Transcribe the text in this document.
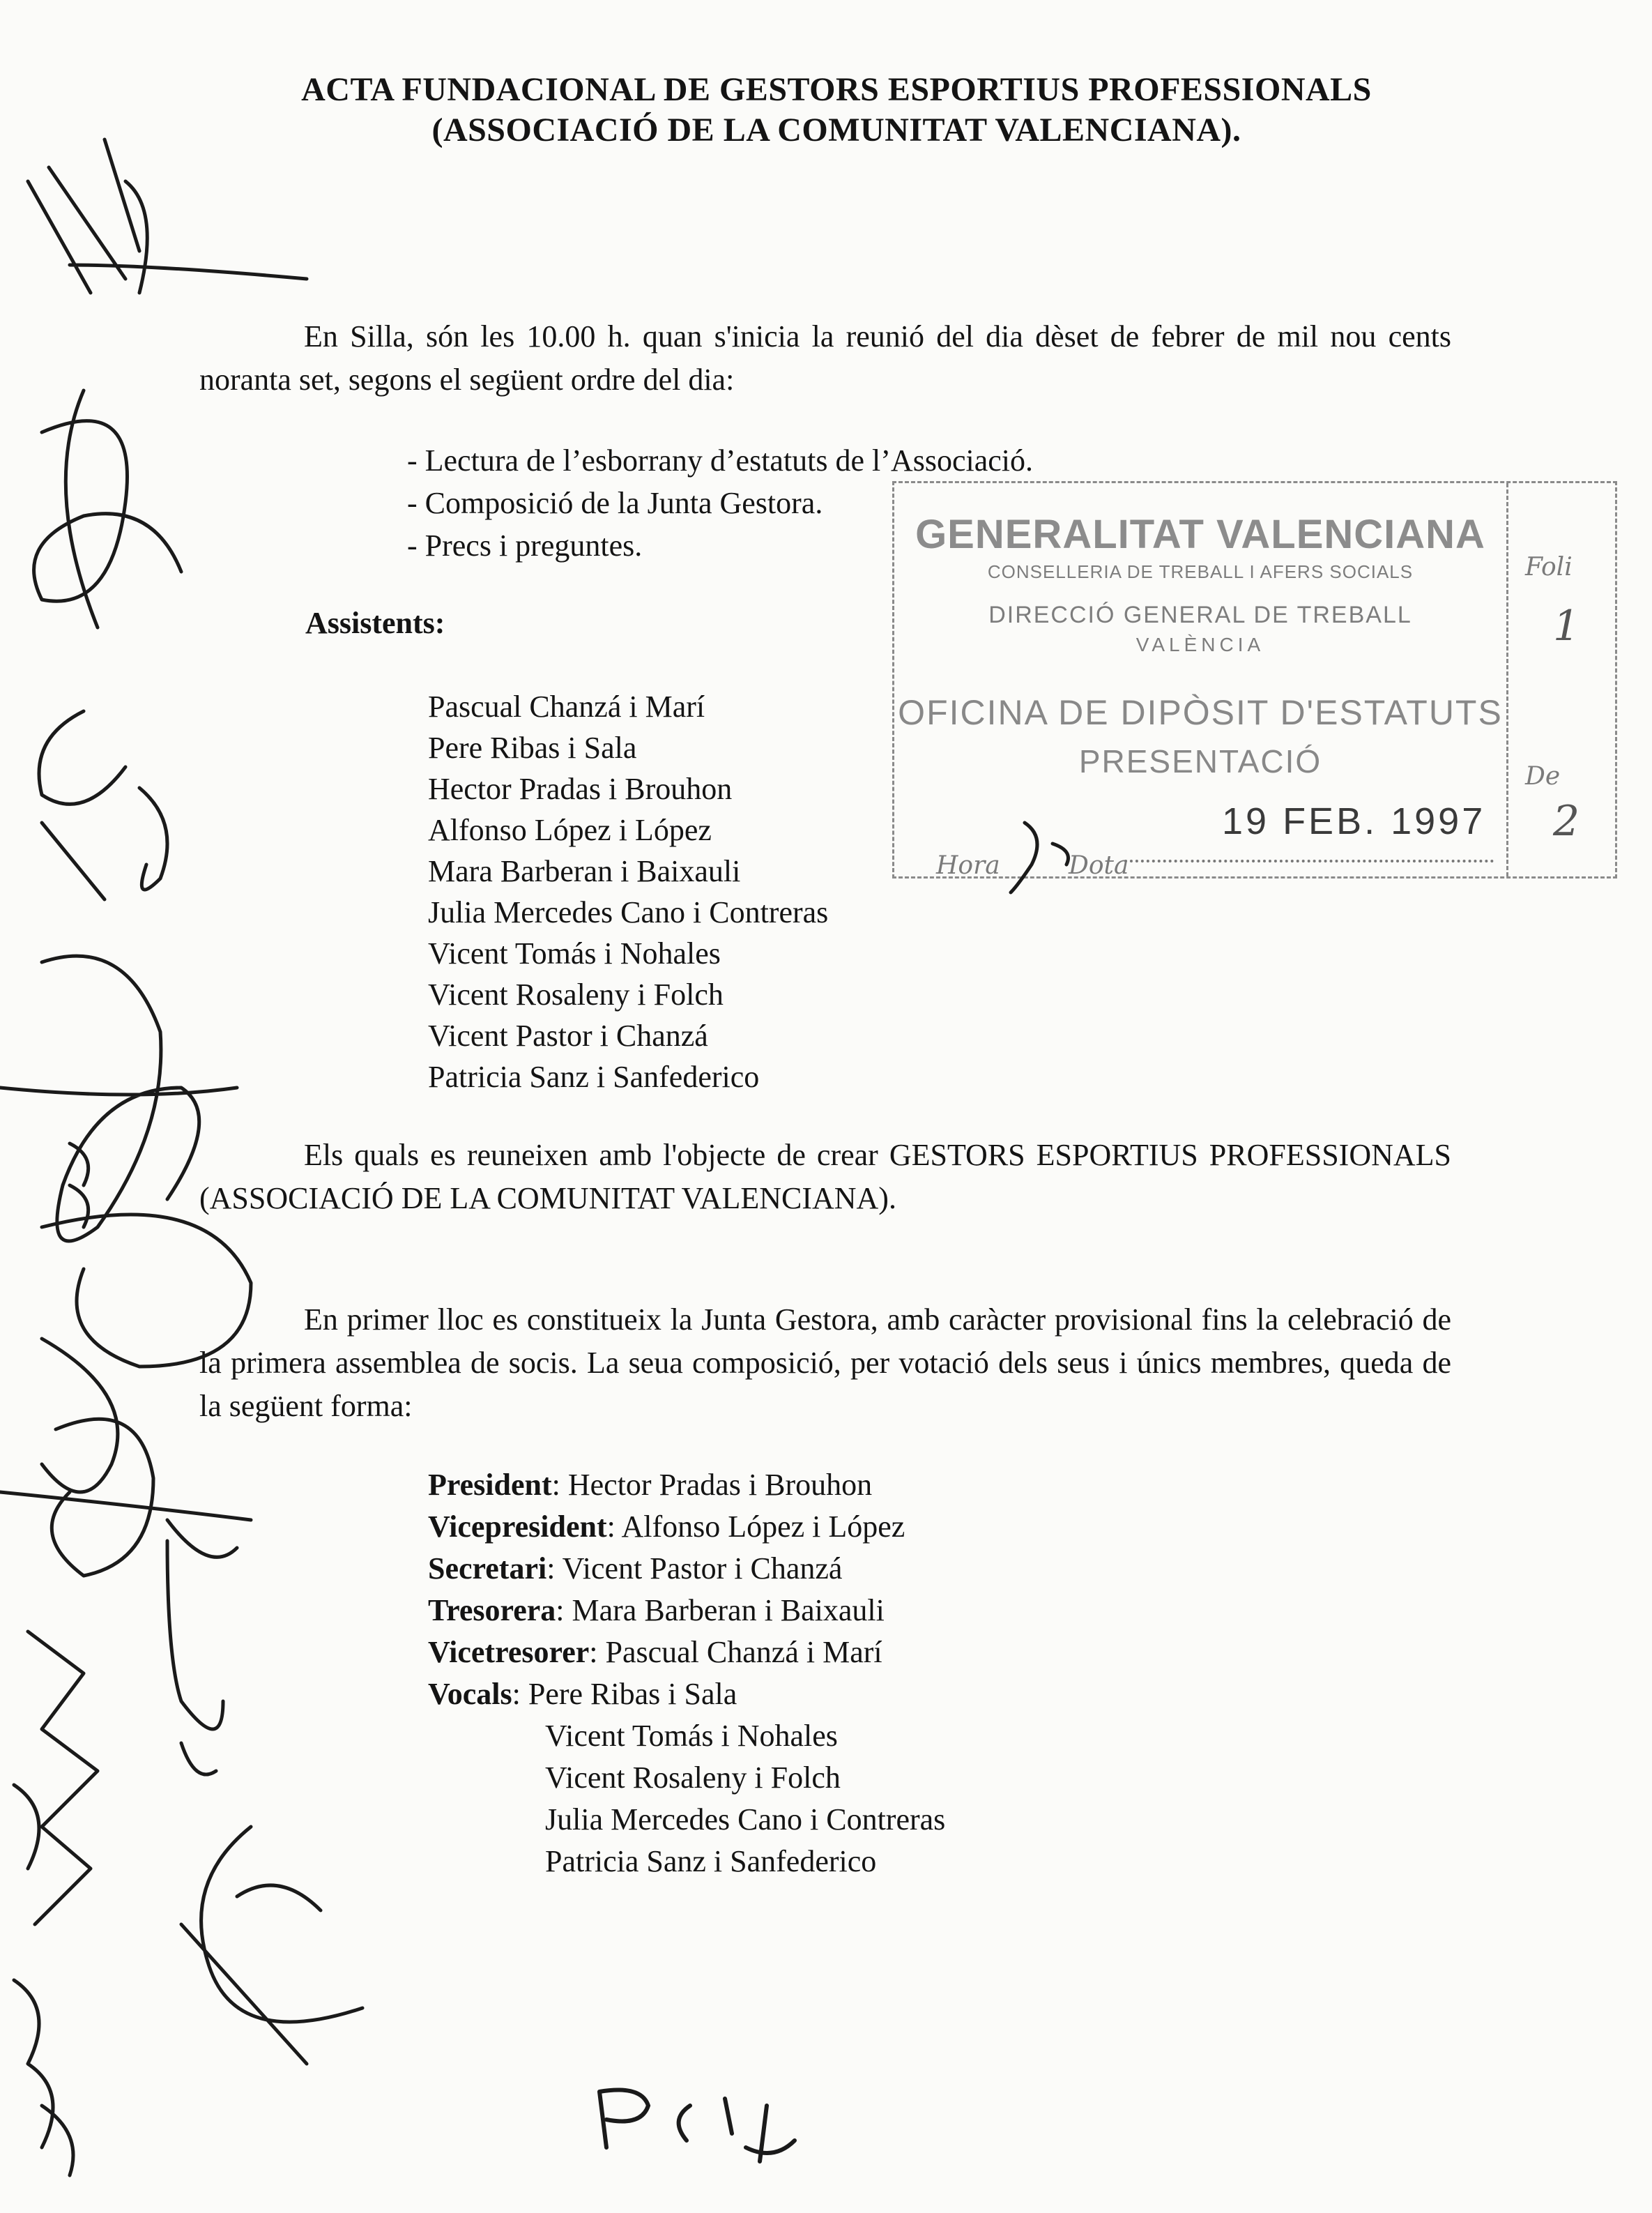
ACTA FUNDACIONAL DE GESTORS ESPORTIUS PROFESSIONALS
(ASSOCIACIÓ DE LA COMUNITAT VALENCIANA).
En Silla, són les 10.00 h. quan s'inicia la reunió del dia dèset de febrer de mil nou cents noranta set, segons el següent ordre del dia:
- Lectura de l’esborrany d’estatuts de l’Associació.
- Composició de la Junta Gestora.
- Precs i preguntes.
Assistents:
Pascual Chanzá i Marí
Pere Ribas i Sala
Hector Pradas i Brouhon
Alfonso López i López
Mara Barberan i Baixauli
Julia Mercedes Cano i Contreras
Vicent Tomás i Nohales
Vicent Rosaleny i Folch
Vicent Pastor i Chanzá
Patricia Sanz i Sanfederico
Els quals es reuneixen amb l'objecte de crear GESTORS ESPORTIUS PROFESSIONALS (ASSOCIACIÓ DE LA COMUNITAT VALENCIANA).
En primer lloc es constitueix la Junta Gestora, amb caràcter provisional fins la celebració de la primera assemblea de socis. La seua composició, per votació dels seus i únics membres, queda de la següent forma:
President: Hector Pradas i Brouhon
Vicepresident: Alfonso López i López
Secretari: Vicent Pastor i Chanzá
Tresorera: Mara Barberan i Baixauli
Vicetresorer: Pascual Chanzá i Marí
Vocals: Pere Ribas i Sala
Vicent Tomás i Nohales
Vicent Rosaleny i Folch
Julia Mercedes Cano i Contreras
Patricia Sanz i Sanfederico
GENERALITAT VALENCIANA
CONSELLERIA DE TREBALL I AFERS SOCIALS
DIRECCIÓ GENERAL DE TREBALL
VALÈNCIA
OFICINA DE DIPÒSIT D'ESTATUTS
PRESENTACIÓ
19 FEB. 1997
Hora	Dota
Foli
1
De
2
